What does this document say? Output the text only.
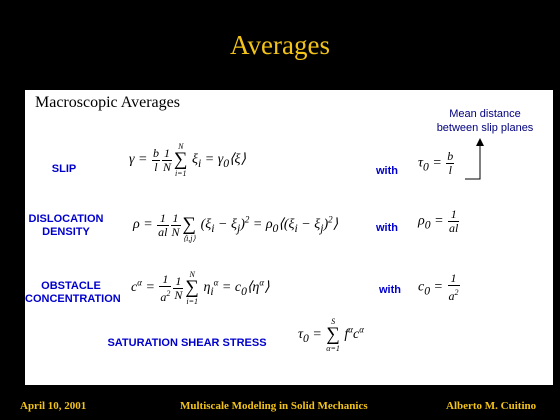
Averages
Macroscopic Averages
Mean distance
between slip planes
SLIP
$\gamma = \frac{b}{l} \frac{1}{N}$ N
∑
i=1
$\xi_i$ = $\gamma_0⟨\xi⟩$
with
$\tau_0 = \frac{b}{l}$
DISLOCATION
DENSITY	$\rho = \frac{1}{al} \frac{1}{N}$
∑
⟨i,j⟩
$(\xi_i - \xi_j)^2$ = $\rho_0⟨(\xi_i$ − $\xi_j)^2⟩$	with $\rho_0 = \frac{1}{al}$
OBSTACLE
CONCENTRATION
$c^\alpha = \frac{1}{a^2} \frac{1}{N}$ N
∑
i=1
$\eta_i^\alpha$ = $c_0⟨\eta^\alpha⟩$	with $c_0 = \frac{1}{a^2}$
SATURATION SHEAR STRESS
$\tau_0$ =
S
∑
α=1
$f^\alpha c^\alpha$
April 10, 2001	Multiscale Modeling in Solid Mechanics	Alberto M. Cuitino
